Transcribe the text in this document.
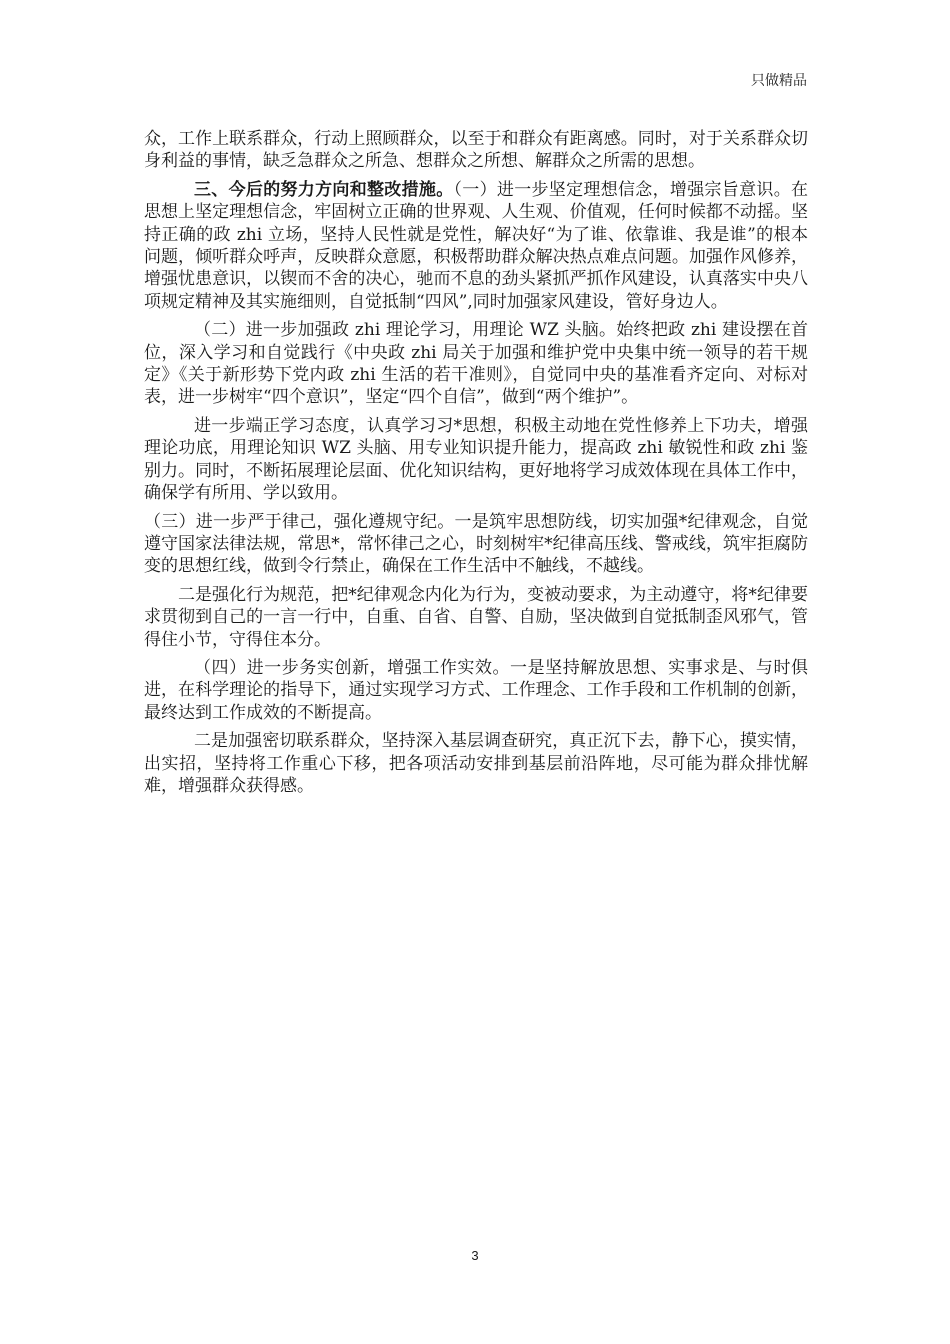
只做精品

众，工作上联系群众，行动上照顾群众，以至于和群众有距离感。同时，对于关系群众切身利益的事情，缺乏急群众之所急、想群众之所想、解群众之所需的思想。

三、今后的努力方向和整改措施。（一）进一步坚定理想信念，增强宗旨意识。在思想上坚定理想信念，牢固树立正确的世界观、人生观、价值观，任何时候都不动摇。坚持正确的政 zhi 立场，坚持人民性就是党性，解决好“为了谁、依靠谁、我是谁”的根本问题，倾听群众呼声，反映群众意愿，积极帮助群众解决热点难点问题。加强作风修养，增强忧患意识，以锲而不舍的决心，驰而不息的劲头紧抓严抓作风建设，认真落实中央八项规定精神及其实施细则，自觉抵制“四风”,同时加强家风建设，管好身边人。

（二）进一步加强政 zhi 理论学习，用理论 WZ 头脑。始终把政 zhi 建设摆在首位，深入学习和自觉践行《中央政 zhi 局关于加强和维护党中央集中统一领导的若干规定》《关于新形势下党内政 zhi 生活的若干准则》，自觉同中央的基准看齐定向、对标对表，进一步树牢“四个意识”，坚定“四个自信”，做到“两个维护”。

进一步端正学习态度，认真学习习*思想，积极主动地在党性修养上下功夫，增强理论功底，用理论知识 WZ 头脑、用专业知识提升能力，提高政 zhi 敏锐性和政 zhi 鉴别力。同时，不断拓展理论层面、优化知识结构，更好地将学习成效体现在具体工作中，确保学有所用、学以致用。

（三）进一步严于律己，强化遵规守纪。一是筑牢思想防线，切实加强*纪律观念，自觉遵守国家法律法规，常思*，常怀律己之心，时刻树牢*纪律高压线、警戒线，筑牢拒腐防变的思想红线，做到令行禁止，确保在工作生活中不触线，不越线。

二是强化行为规范，把*纪律观念内化为行为，变被动要求，为主动遵守，将*纪律要求贯彻到自己的一言一行中，自重、自省、自警、自励，坚决做到自觉抵制歪风邪气，管得住小节，守得住本分。

（四）进一步务实创新，增强工作实效。一是坚持解放思想、实事求是、与时俱进，在科学理论的指导下，通过实现学习方式、工作理念、工作手段和工作机制的创新，最终达到工作成效的不断提高。

二是加强密切联系群众，坚持深入基层调查研究，真正沉下去，静下心，摸实情，出实招，坚持将工作重心下移，把各项活动安排到基层前沿阵地，尽可能为群众排忧解难，增强群众获得感。

3
